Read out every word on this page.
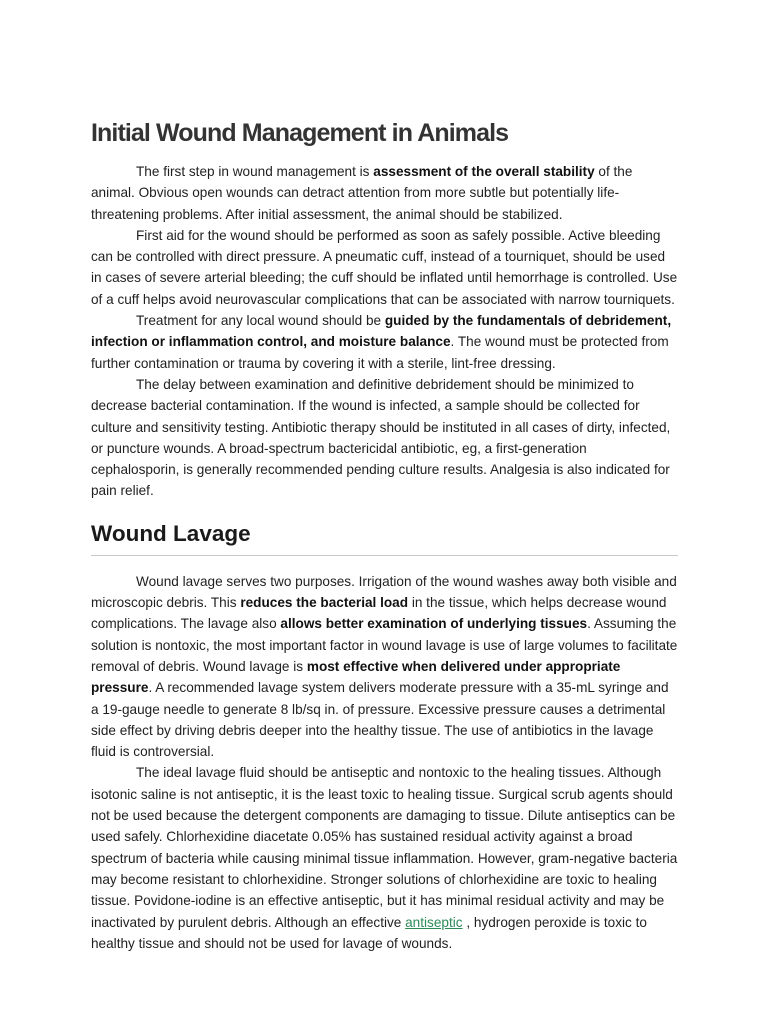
Initial Wound Management in Animals

The first step in wound management is assessment of the overall stability of the animal. Obvious open wounds can detract attention from more subtle but potentially life-threatening problems. After initial assessment, the animal should be stabilized.

First aid for the wound should be performed as soon as safely possible. Active bleeding can be controlled with direct pressure. A pneumatic cuff, instead of a tourniquet, should be used in cases of severe arterial bleeding; the cuff should be inflated until hemorrhage is controlled. Use of a cuff helps avoid neurovascular complications that can be associated with narrow tourniquets.

Treatment for any local wound should be guided by the fundamentals of debridement, infection or inflammation control, and moisture balance. The wound must be protected from further contamination or trauma by covering it with a sterile, lint-free dressing.

The delay between examination and definitive debridement should be minimized to decrease bacterial contamination. If the wound is infected, a sample should be collected for culture and sensitivity testing. Antibiotic therapy should be instituted in all cases of dirty, infected, or puncture wounds. A broad-spectrum bactericidal antibiotic, eg, a first-generation cephalosporin, is generally recommended pending culture results. Analgesia is also indicated for pain relief.

Wound Lavage

Wound lavage serves two purposes. Irrigation of the wound washes away both visible and microscopic debris. This reduces the bacterial load in the tissue, which helps decrease wound complications. The lavage also allows better examination of underlying tissues. Assuming the solution is nontoxic, the most important factor in wound lavage is use of large volumes to facilitate removal of debris. Wound lavage is most effective when delivered under appropriate pressure. A recommended lavage system delivers moderate pressure with a 35-mL syringe and a 19-gauge needle to generate 8 lb/sq in. of pressure. Excessive pressure causes a detrimental side effect by driving debris deeper into the healthy tissue. The use of antibiotics in the lavage fluid is controversial.

The ideal lavage fluid should be antiseptic and nontoxic to the healing tissues. Although isotonic saline is not antiseptic, it is the least toxic to healing tissue. Surgical scrub agents should not be used because the detergent components are damaging to tissue. Dilute antiseptics can be used safely. Chlorhexidine diacetate 0.05% has sustained residual activity against a broad spectrum of bacteria while causing minimal tissue inflammation. However, gram-negative bacteria may become resistant to chlorhexidine. Stronger solutions of chlorhexidine are toxic to healing tissue. Povidone-iodine is an effective antiseptic, but it has minimal residual activity and may be inactivated by purulent debris. Although an effective antiseptic , hydrogen peroxide is toxic to healthy tissue and should not be used for lavage of wounds.
